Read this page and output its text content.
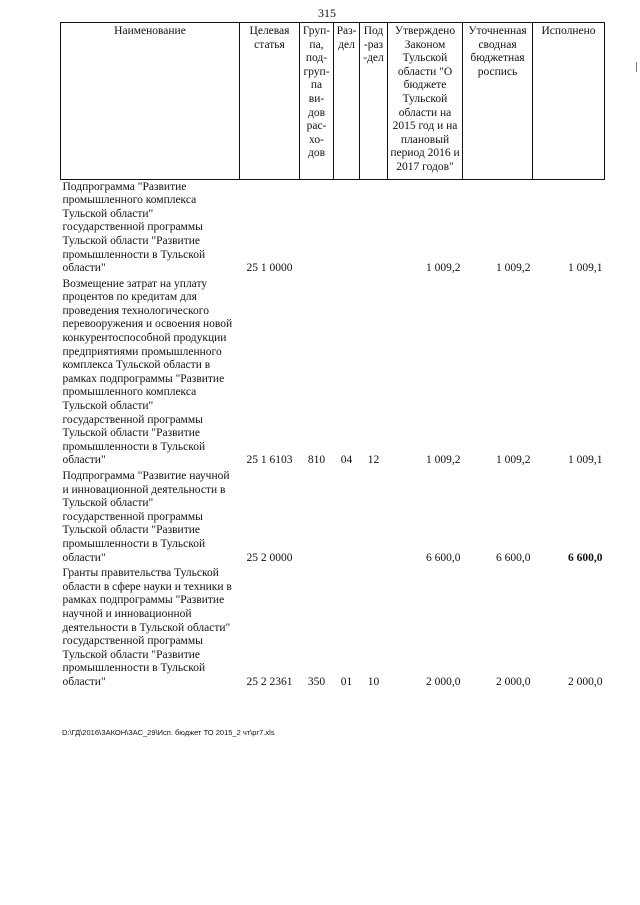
315
Наименование	Целевая статья	Груп-па, под-груп-па ви-дов рас-хо-дов	Раз-дел	Под-раз-дел	Утверждено Законом Тульской области "О бюджете Тульской области на 2015 год и на плановый период 2016 и 2017 годов"	Уточненная сводная бюджетная роспись	Исполнено
Подпрограмма "Развитие промышленного комплекса Тульской области" государственной программы Тульской области "Развитие промышленности в Тульской области"	25 1 0000				1 009,2	1 009,2	1 009,1
Возмещение затрат на уплату процентов по кредитам для проведения технологического перевооружения и освоения новой конкурентоспособной продукции предприятиями промышленного комплекса Тульской области в рамках подпрограммы "Развитие промышленного комплекса Тульской области" государственной программы Тульской области "Развитие промышленности в Тульской области"	25 1 6103	810	04	12	1 009,2	1 009,2	1 009,1
Подпрограмма "Развитие научной и инновационной деятельности в Тульской области" государственной программы Тульской области "Развитие промышленности в Тульской области"	25 2 0000				6 600,0	6 600,0	6 600,0
Гранты правительства Тульской области в сфере науки и техники в рамках подпрограммы "Развитие научной и инновационной деятельности в Тульской области" государственной программы Тульской области "Развитие промышленности в Тульской области"	25 2 2361	350	01	10	2 000,0	2 000,0	2 000,0
D:\ГД\2016\ЗАКОН\ЗАС_29\Исп. бюджет ТО 2015_2 чт\рг7.xls
